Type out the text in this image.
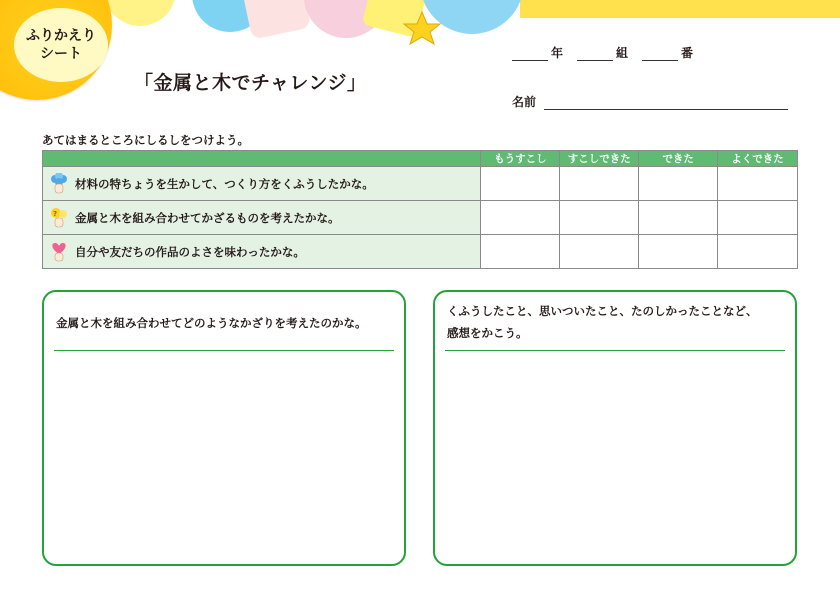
ふりかえり
シート
「金属と木でチャレンジ」
年	組	番
名前
あてはまるところにしるしをつけよう。
	もうすこし	すこしできた	できた	よくできた

材料の特ちょうを生かして、つくり方をくふうしたかな。				

? 金属と木を組み合わせてかざるものを考えたかな。				

自分や友だちの作品のよさを味わったかな。				

金属と木を組み合わせてどのようなかざりを考えたのかな。
くふうしたこと、思いついたこと、たのしかったことなど、
感想をかこう。
